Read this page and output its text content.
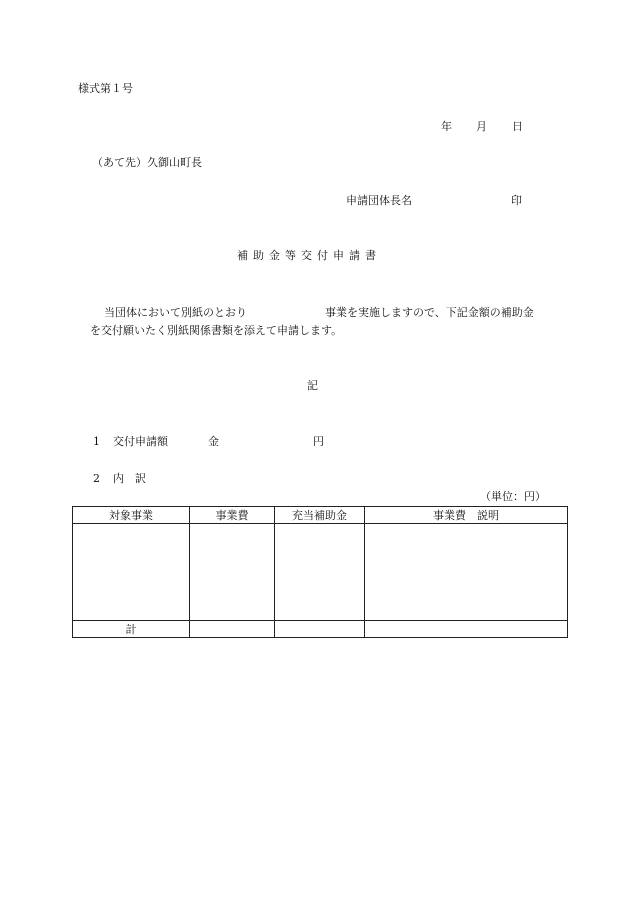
様式第１号
年 月 日
（あて先）久御山町長
申請団体長名	印
補助金等交付申請書
当団体において別紙のとおり	事業を実施しますので、下記金額の補助金
を交付願いたく別紙関係書類を添えて申請します。
記
1 交付申請額	金	円
2 内　訳
（単位：円）
対象事業	事業費	充当補助金	事業費　説明

計			
